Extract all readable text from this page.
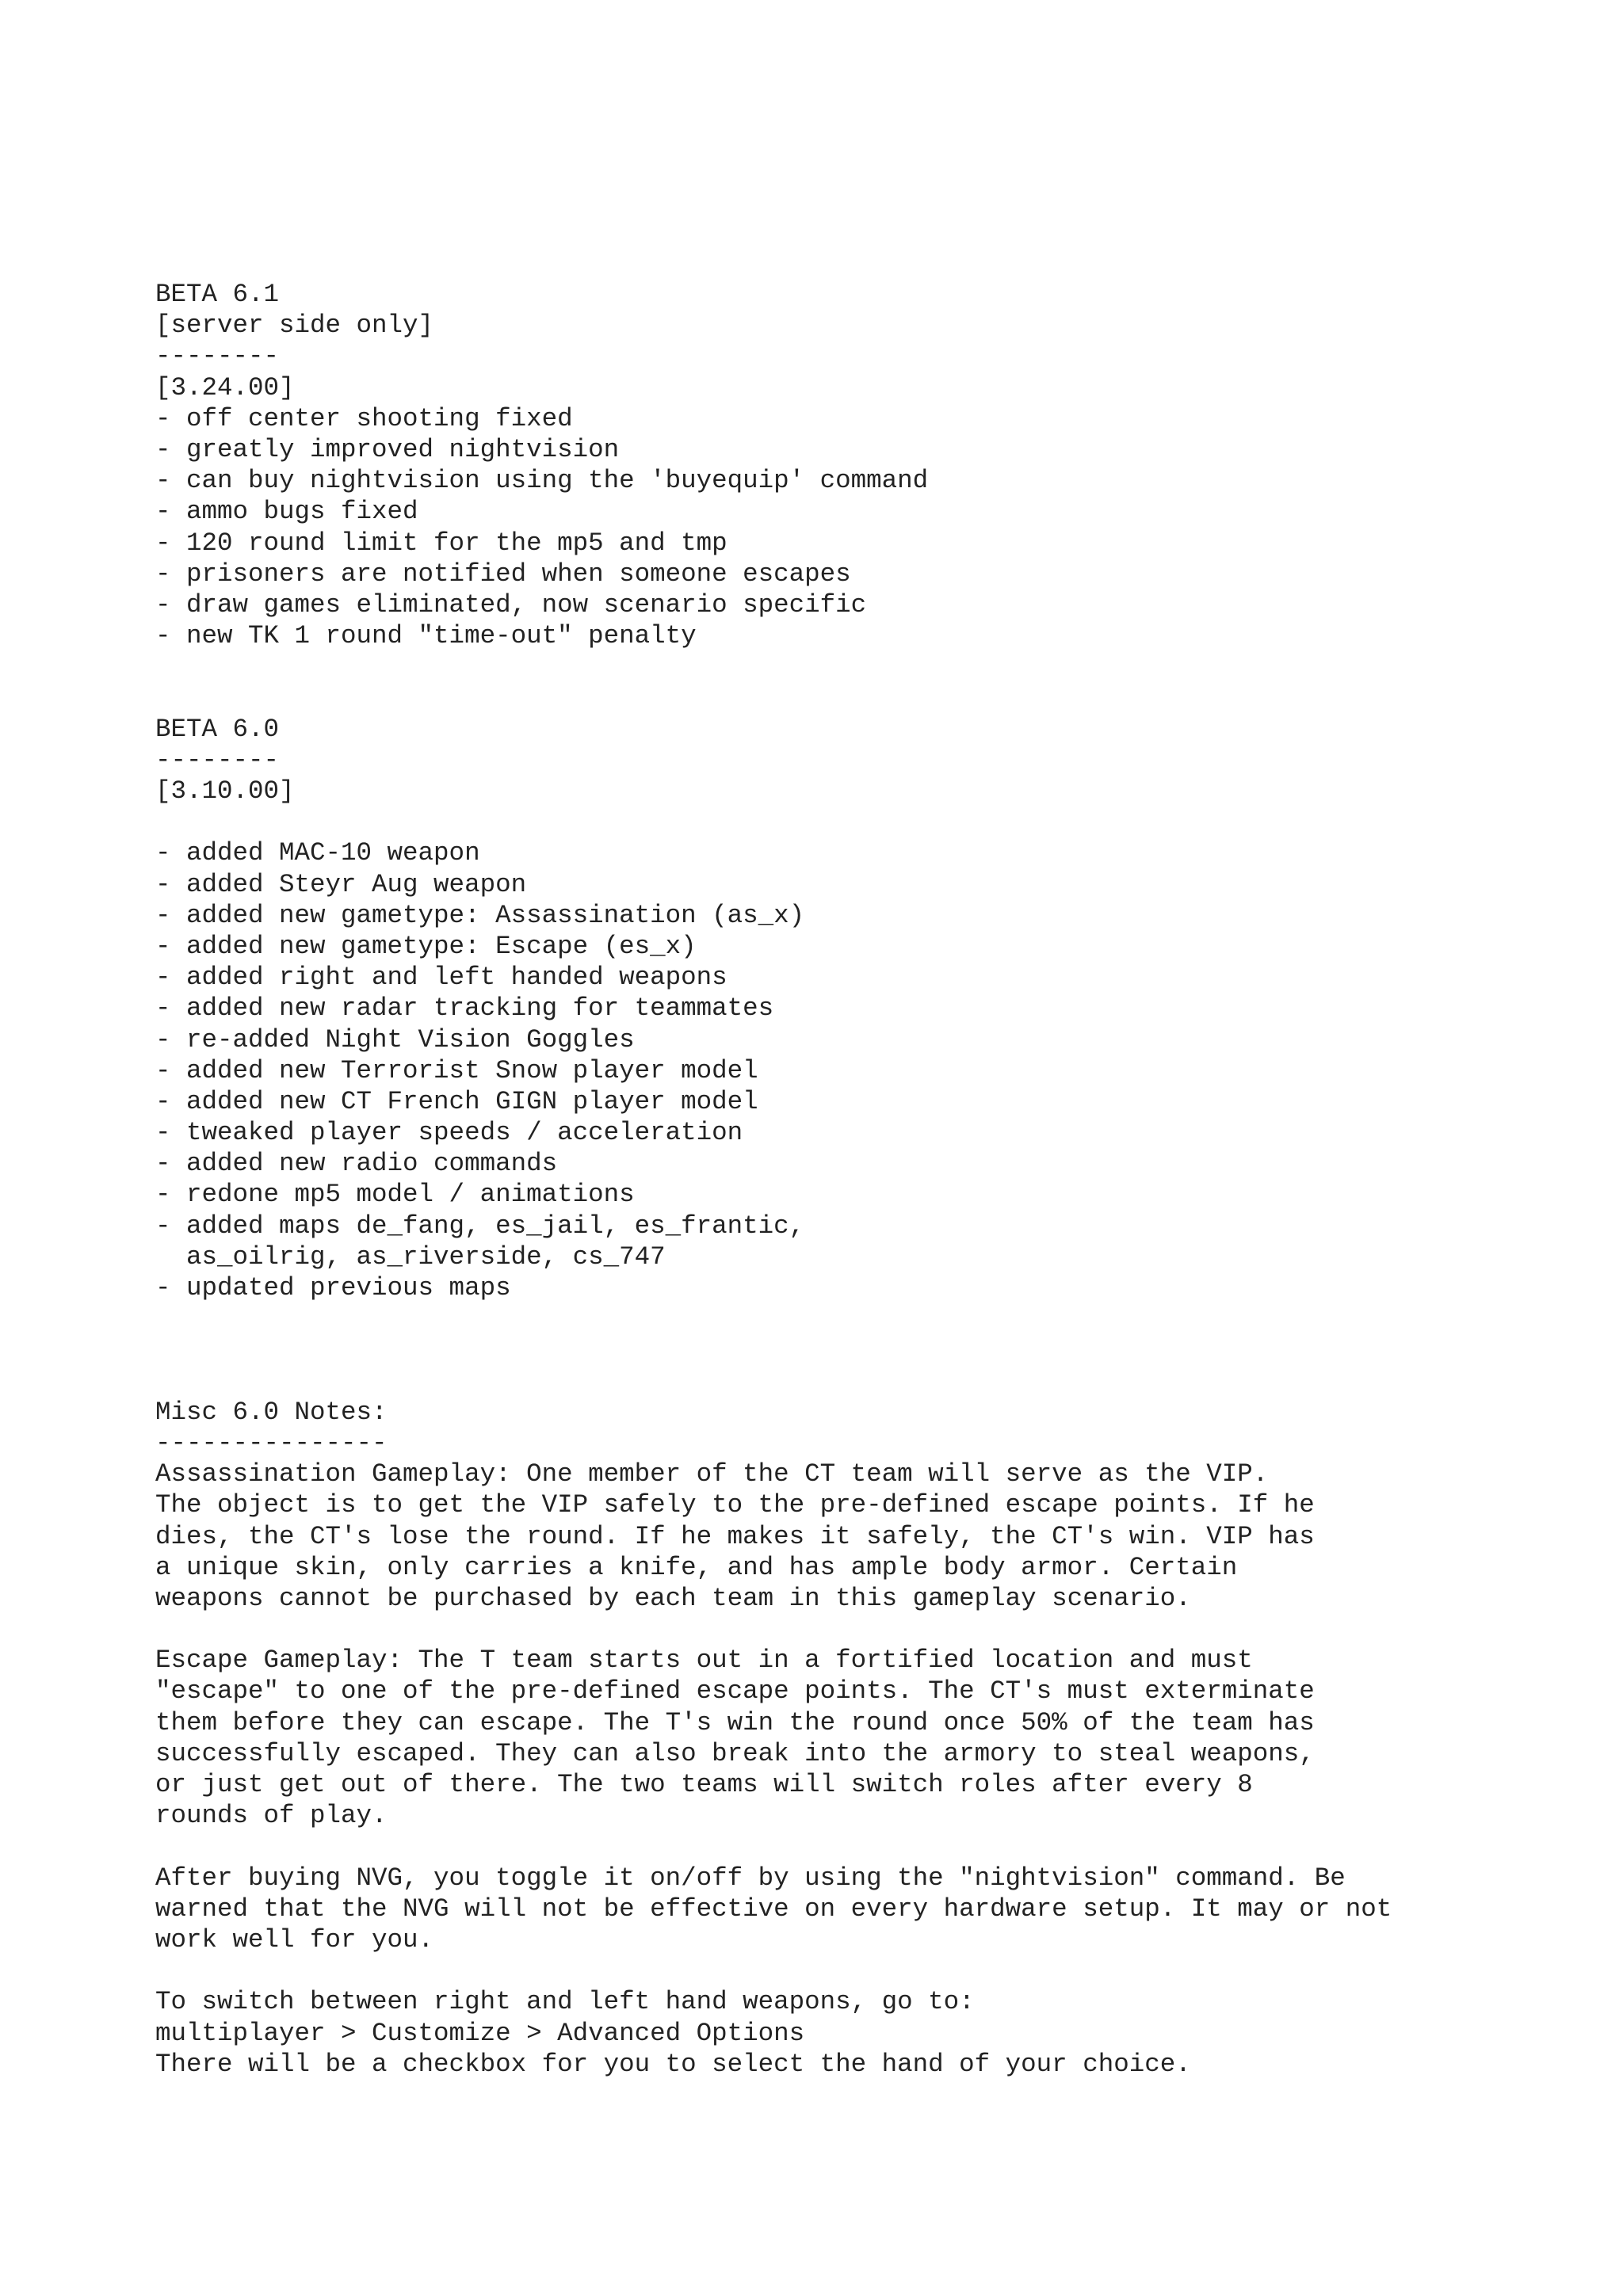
BETA 6.1
[server side only]
--------
[3.24.00]
- off center shooting fixed
- greatly improved nightvision
- can buy nightvision using the 'buyequip' command
- ammo bugs fixed
- 120 round limit for the mp5 and tmp
- prisoners are notified when someone escapes
- draw games eliminated, now scenario specific
- new TK 1 round "time-out" penalty
BETA 6.0
--------
[3.10.00]
- added MAC-10 weapon
- added Steyr Aug weapon
- added new gametype: Assassination (as_x)
- added new gametype: Escape (es_x)
- added right and left handed weapons
- added new radar tracking for teammates
- re-added Night Vision Goggles
- added new Terrorist Snow player model
- added new CT French GIGN player model
- tweaked player speeds / acceleration
- added new radio commands
- redone mp5 model / animations
- added maps de_fang, es_jail, es_frantic,
as_oilrig, as_riverside, cs_747
- updated previous maps
Misc 6.0 Notes:
---------------
Assassination Gameplay: One member of the CT team will serve as the VIP.
The object is to get the VIP safely to the pre-defined escape points. If he
dies, the CT's lose the round. If he makes it safely, the CT's win. VIP has
a unique skin, only carries a knife, and has ample body armor. Certain
weapons cannot be purchased by each team in this gameplay scenario.
Escape Gameplay: The T team starts out in a fortified location and must
"escape" to one of the pre-defined escape points. The CT's must exterminate
them before they can escape. The T's win the round once 50% of the team has
successfully escaped. They can also break into the armory to steal weapons,
or just get out of there. The two teams will switch roles after every 8
rounds of play.
After buying NVG, you toggle it on/off by using the "nightvision" command. Be
warned that the NVG will not be effective on every hardware setup. It may or not
work well for you.
To switch between right and left hand weapons, go to:
multiplayer > Customize > Advanced Options
There will be a checkbox for you to select the hand of your choice.
